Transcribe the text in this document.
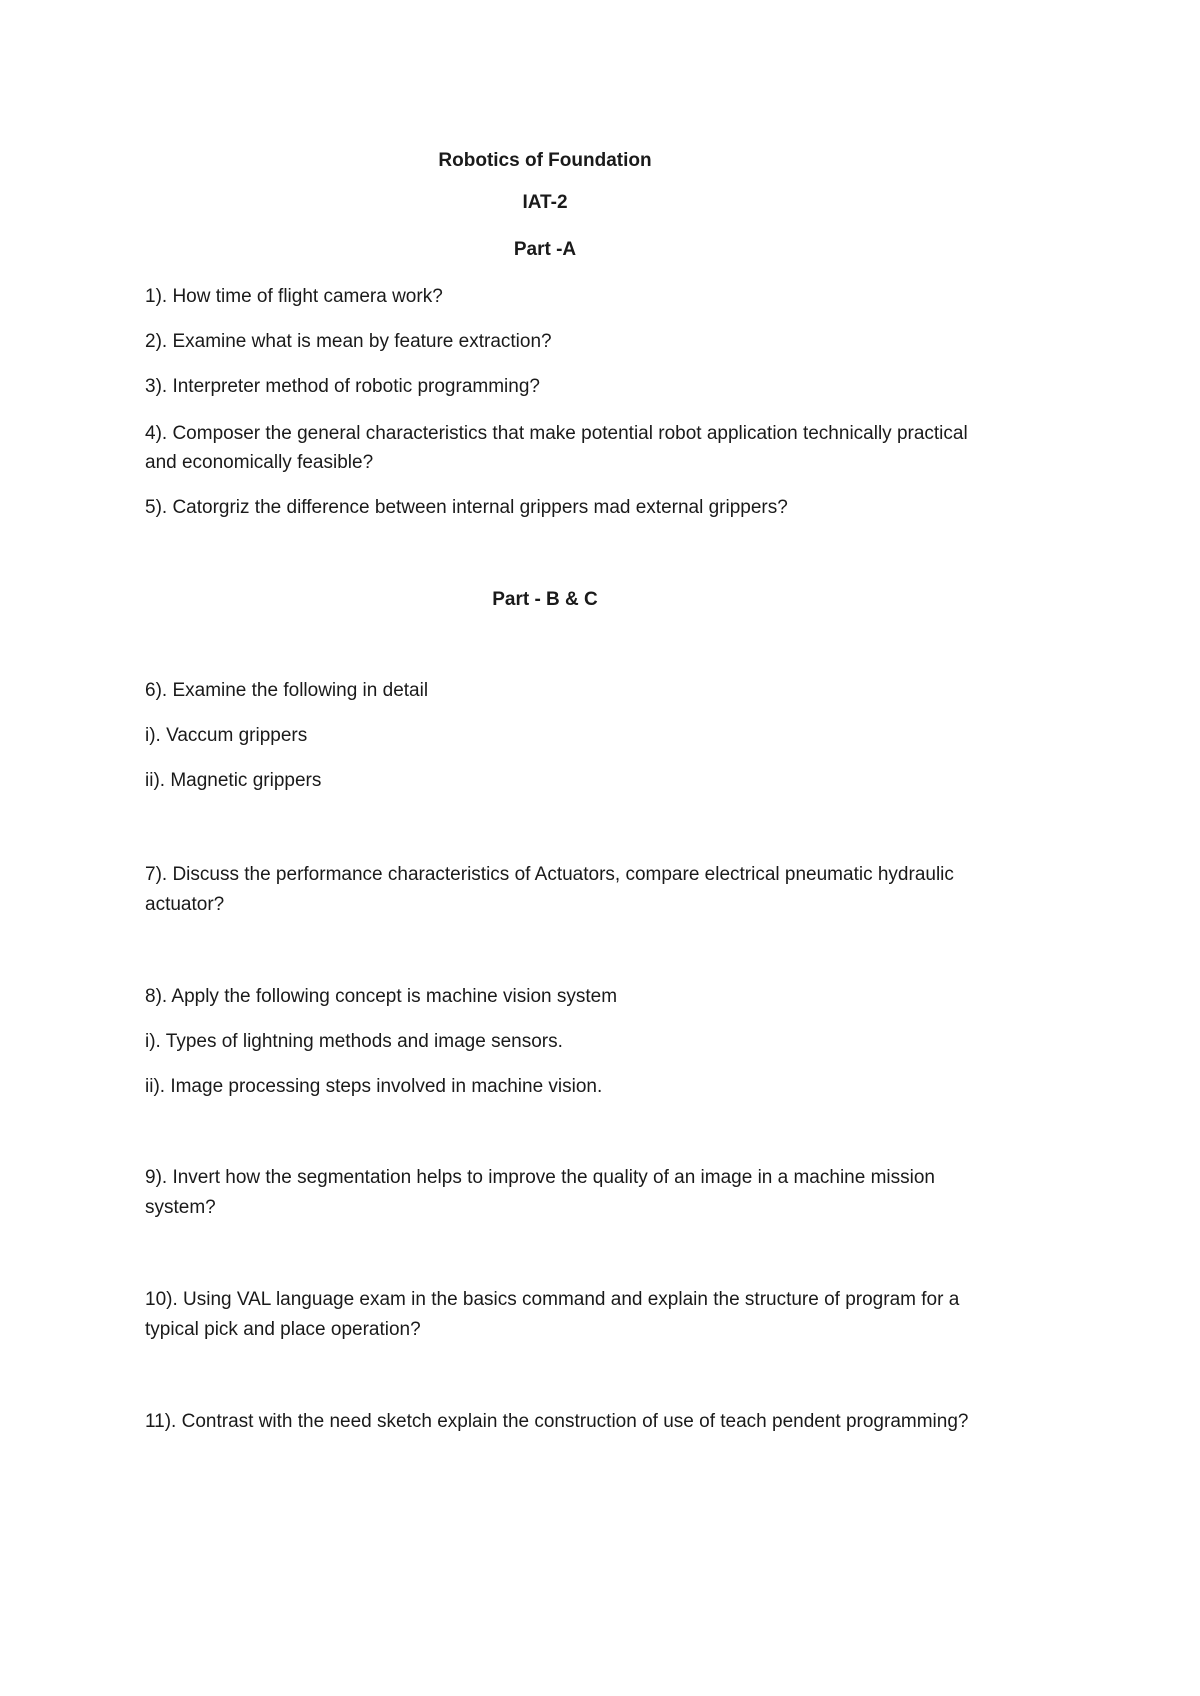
Robotics of Foundation
IAT-2
Part -A
1). How time of flight camera work?
2). Examine what is mean by feature extraction?
3). Interpreter method of robotic programming?
4). Composer the general characteristics that make potential robot application technically practical
and economically feasible?
5). Catorgriz the difference between internal grippers mad external grippers?
Part - B & C
6). Examine the following in detail
i). Vaccum grippers
ii). Magnetic grippers
7). Discuss the performance characteristics of Actuators, compare electrical pneumatic hydraulic
actuator?
8). Apply the following concept is machine vision system
i). Types of lightning methods and image sensors.
ii). Image processing steps involved in machine vision.
9). Invert how the segmentation helps to improve the quality of an image in a machine mission
system?
10). Using VAL language exam in the basics command and explain the structure of program for a
typical pick and place operation?
11). Contrast with the need sketch explain the construction of use of teach pendent programming?
